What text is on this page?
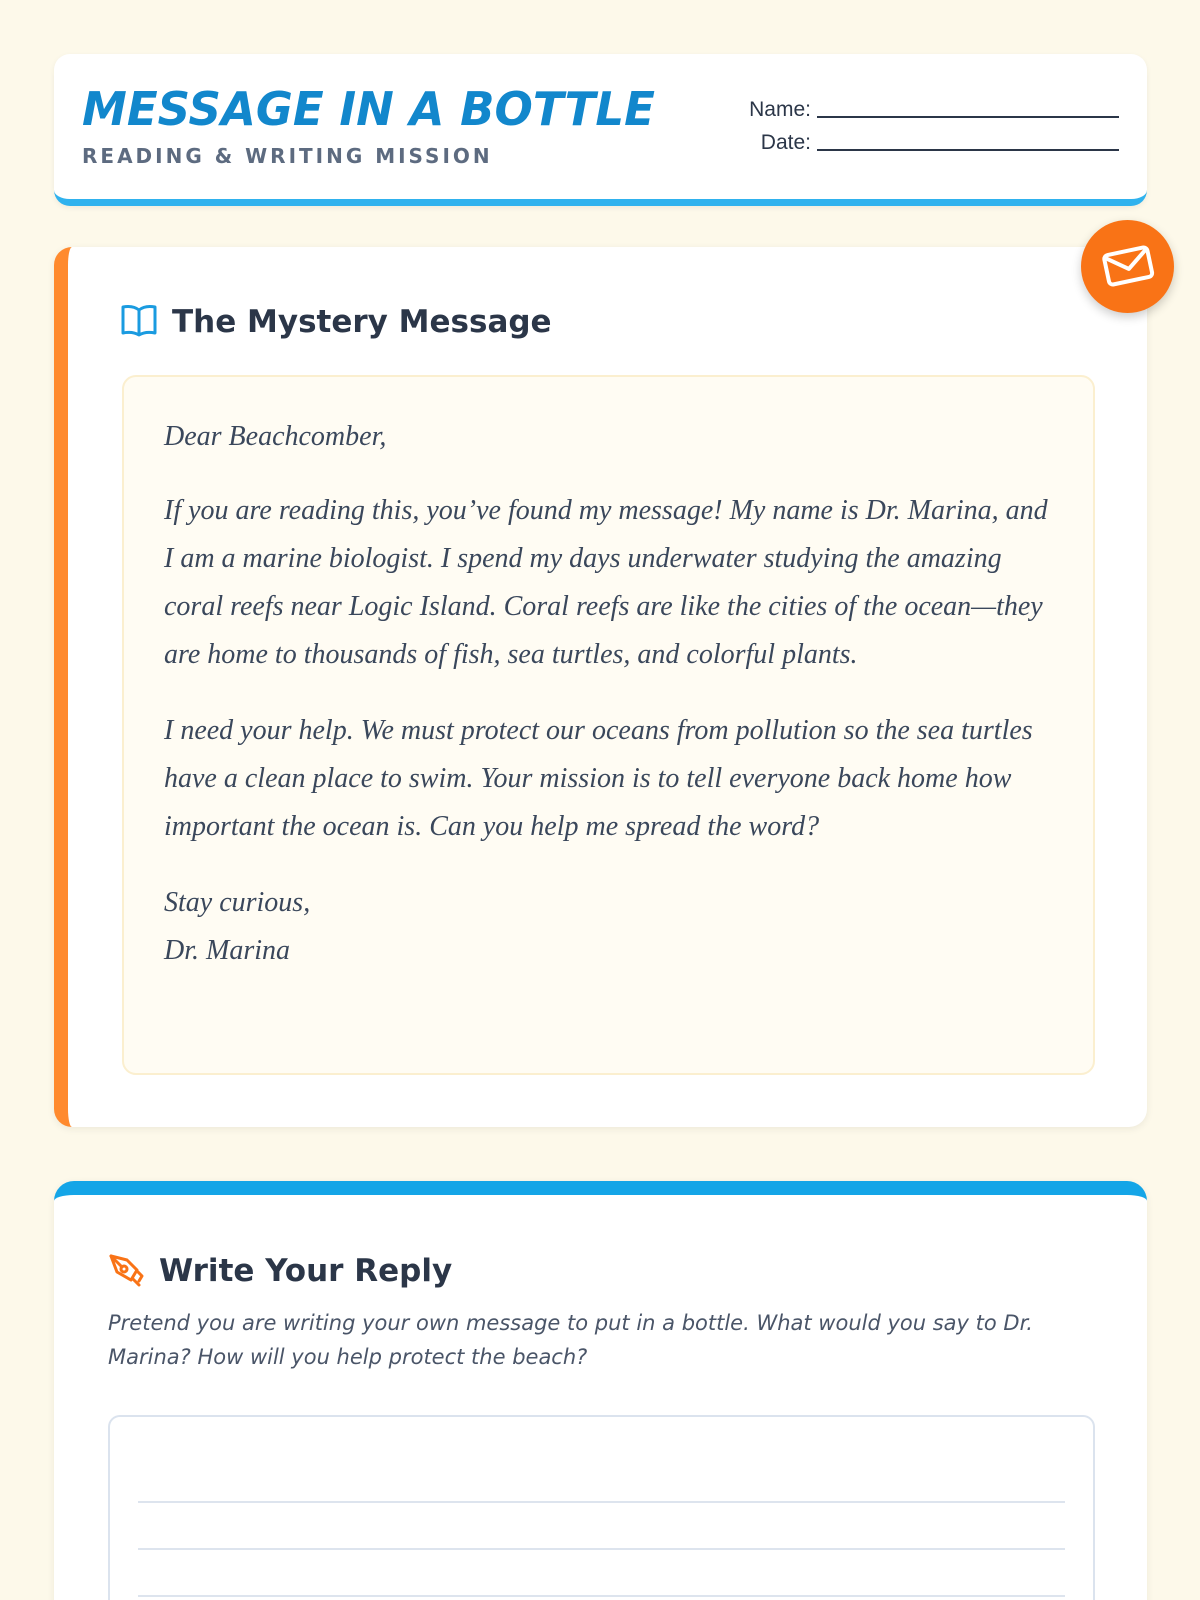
MESSAGE IN A BOTTLE
READING & WRITING MISSION
Name:
Date:
The Mystery Message

Dear Beachcomber,

If you are reading this, you’ve found my message! My name is Dr. Marina, and I am a marine biologist. I spend my days underwater studying the amazing coral reefs near Logic Island. Coral reefs are like the cities of the ocean—they are home to thousands of fish, sea turtles, and colorful plants.

I need your help. We must protect our oceans from pollution so the sea turtles have a clean place to swim. Your mission is to tell everyone back home how important the ocean is. Can you help me spread the word?

Stay curious,
Dr. Marina
Write Your Reply
Pretend you are writing your own message to put in a bottle. What would you say to Dr. Marina? How will you help protect the beach?
